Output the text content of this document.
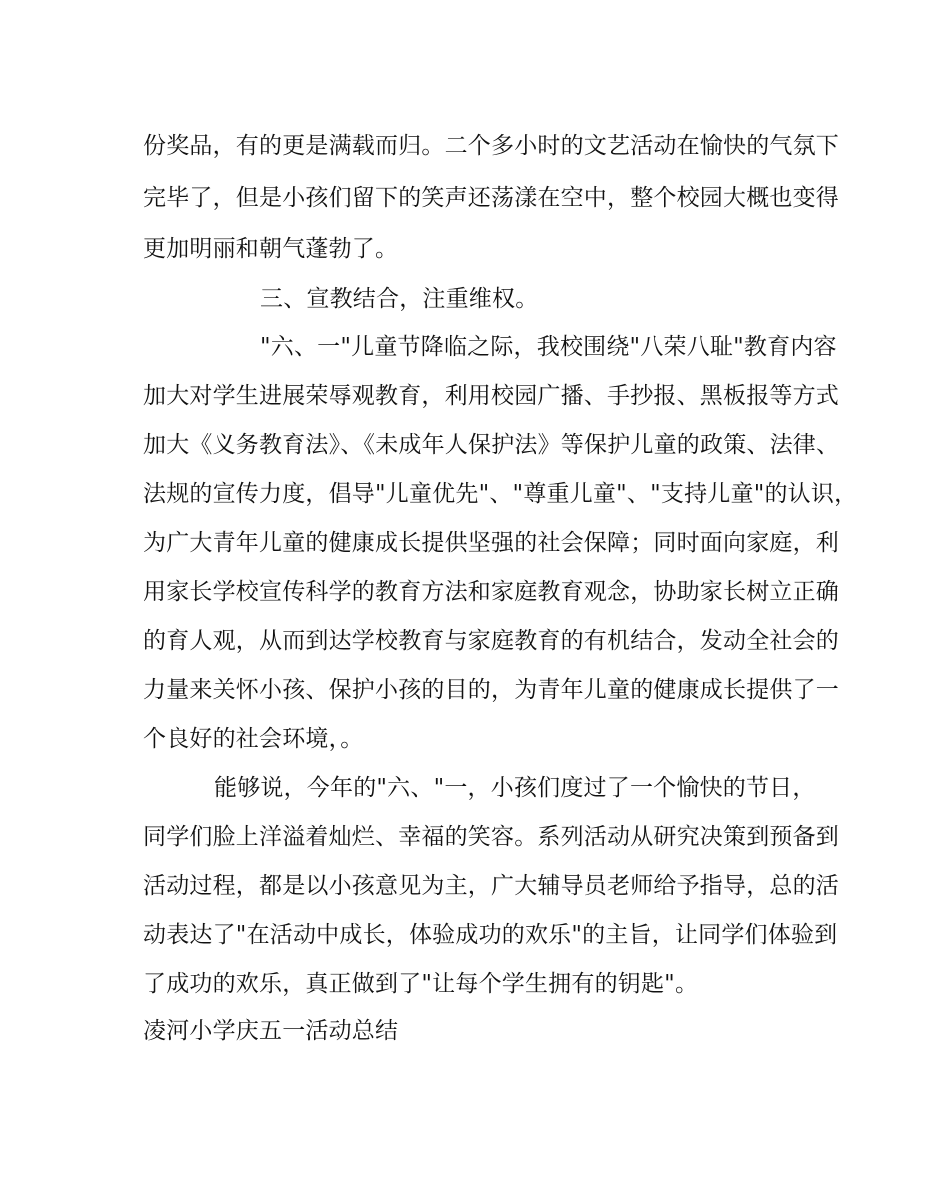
份奖品，有的更是满载而归。二个多小时的文艺活动在愉快的气氛下
完毕了，但是小孩们留下的笑声还荡漾在空中，整个校园大概也变得
更加明丽和朝气蓬勃了。
三、宣教结合，注重维权。
"六、一"儿童节降临之际，我校围绕"八荣八耻"教育内容
加大对学生进展荣辱观教育，利用校园广播、手抄报、黑板报等方式
加大《义务教育法》、《未成年人保护法》等保护儿童的政策、法律、
法规的宣传力度，倡导"儿童优先"、"尊重儿童"、"支持儿童"的认识，
为广大青年儿童的健康成长提供坚强的社会保障；同时面向家庭，利
用家长学校宣传科学的教育方法和家庭教育观念，协助家长树立正确
的育人观，从而到达学校教育与家庭教育的有机结合，发动全社会的
力量来关怀小孩、保护小孩的目的，为青年儿童的健康成长提供了一
个良好的社会环境，。
能够说，今年的"六、"一，小孩们度过了一个愉快的节日，
同学们脸上洋溢着灿烂、幸福的笑容。系列活动从研究决策到预备到
活动过程，都是以小孩意见为主，广大辅导员老师给予指导，总的活
动表达了"在活动中成长，体验成功的欢乐"的主旨，让同学们体验到
了成功的欢乐，真正做到了"让每个学生拥有的钥匙"。
凌河小学庆五一活动总结
